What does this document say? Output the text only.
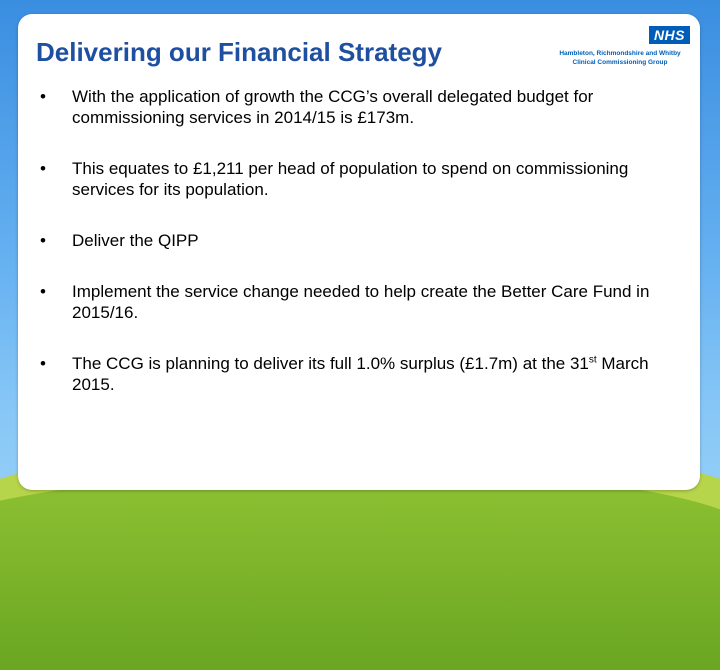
Delivering our Financial Strategy
NHS
Hambleton, Richmondshire and Whitby
Clinical Commissioning Group
• With the application of growth the CCG’s overall delegated budget for commissioning services in 2014/15 is £173m.
• This equates to £1,211 per head of population to spend on commissioning services for its population.
• Deliver the QIPP
• Implement the service change needed to help create the Better Care Fund in 2015/16.
• The CCG is planning to deliver its full 1.0% surplus (£1.7m) at the 31st March 2015.
